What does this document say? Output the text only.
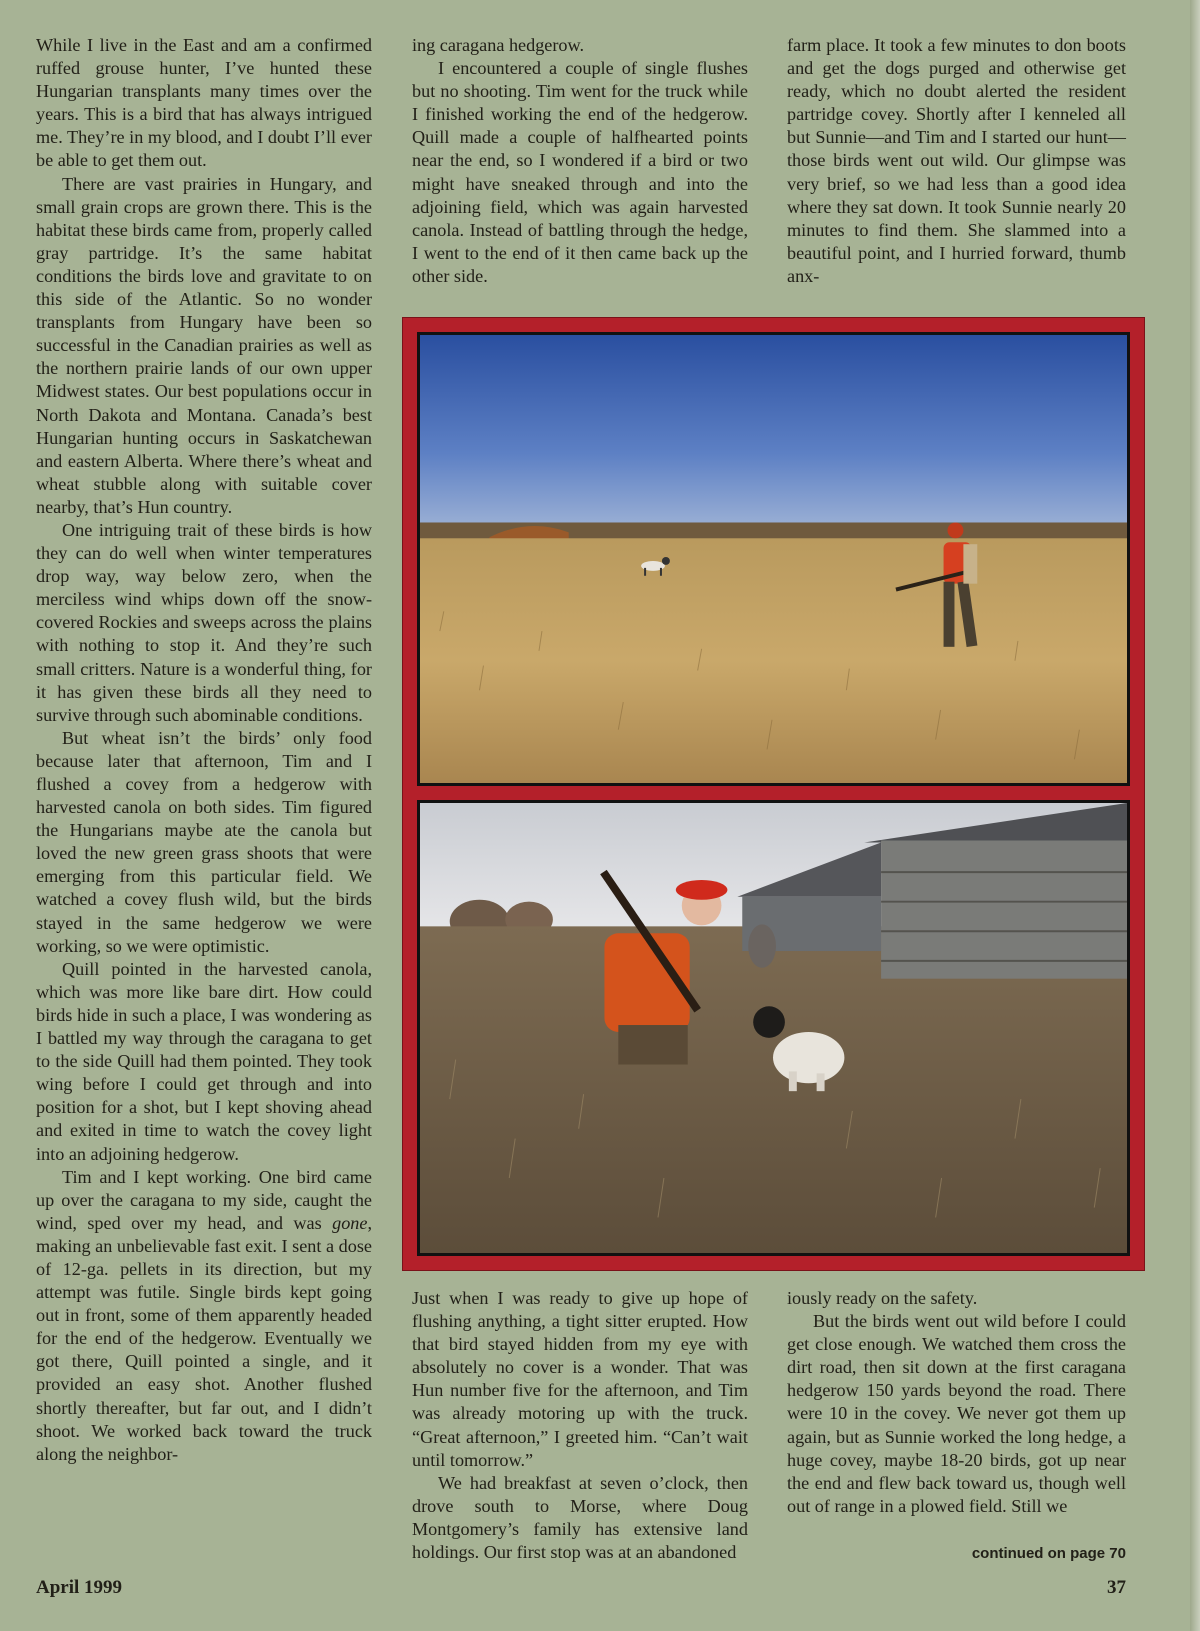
While I live in the East and am a confirmed ruffed grouse hunter, I’ve hunted these Hungarian transplants many times over the years. This is a bird that has always intrigued me. They’re in my blood, and I doubt I’ll ever be able to get them out.

There are vast prairies in Hungary, and small grain crops are grown there. This is the habitat these birds came from, properly called gray partridge. It’s the same habitat conditions the birds love and gravitate to on this side of the Atlantic. So no wonder transplants from Hungary have been so successful in the Canadian prairies as well as the northern prairie lands of our own upper Midwest states. Our best populations occur in North Dakota and Montana. Canada’s best Hungarian hunting occurs in Saskatchewan and eastern Alberta. Where there’s wheat and wheat stubble along with suitable cover nearby, that’s Hun country.

One intriguing trait of these birds is how they can do well when winter temperatures drop way, way below zero, when the merciless wind whips down off the snow-covered Rockies and sweeps across the plains with nothing to stop it. And they’re such small critters. Nature is a wonderful thing, for it has given these birds all they need to survive through such abominable conditions.

But wheat isn’t the birds’ only food because later that afternoon, Tim and I flushed a covey from a hedgerow with harvested canola on both sides. Tim figured the Hungarians maybe ate the canola but loved the new green grass shoots that were emerging from this particular field. We watched a covey flush wild, but the birds stayed in the same hedgerow we were working, so we were optimistic.

Quill pointed in the harvested canola, which was more like bare dirt. How could birds hide in such a place, I was wondering as I battled my way through the caragana to get to the side Quill had them pointed. They took wing before I could get through and into position for a shot, but I kept shoving ahead and exited in time to watch the covey light into an adjoining hedgerow.

Tim and I kept working. One bird came up over the caragana to my side, caught the wind, sped over my head, and was gone, making an unbelievable fast exit. I sent a dose of 12-ga. pellets in its direction, but my attempt was futile. Single birds kept going out in front, some of them apparently headed for the end of the hedgerow. Eventually we got there, Quill pointed a single, and it provided an easy shot. Another flushed shortly thereafter, but far out, and I didn’t shoot. We worked back toward the truck along the neighbor-

ing caragana hedgerow.

I encountered a couple of single flushes but no shooting. Tim went for the truck while I finished working the end of the hedgerow. Quill made a couple of halfhearted points near the end, so I wondered if a bird or two might have sneaked through and into the adjoining field, which was again harvested canola. Instead of battling through the hedge, I went to the end of it then came back up the other side.

farm place. It took a few minutes to don boots and get the dogs purged and otherwise get ready, which no doubt alerted the resident partridge covey. Shortly after I kenneled all but Sunnie—and Tim and I started our hunt—those birds went out wild. Our glimpse was very brief, so we had less than a good idea where they sat down. It took Sunnie nearly 20 minutes to find them. She slammed into a beautiful point, and I hurried forward, thumb anx-

Just when I was ready to give up hope of flushing anything, a tight sitter erupted. How that bird stayed hidden from my eye with absolutely no cover is a wonder. That was Hun number five for the afternoon, and Tim was already motoring up with the truck. “Great afternoon,” I greeted him. “Can’t wait until tomorrow.”

We had breakfast at seven o’clock, then drove south to Morse, where Doug Montgomery’s family has extensive land holdings. Our first stop was at an abandoned

iously ready on the safety.

But the birds went out wild before I could get close enough. We watched them cross the dirt road, then sit down at the first caragana hedgerow 150 yards beyond the road. There were 10 in the covey. We never got them up again, but as Sunnie worked the long hedge, a huge covey, maybe 18-20 birds, got up near the end and flew back toward us, though well out of range in a plowed field. Still we

continued on page 70
April 1999	37
